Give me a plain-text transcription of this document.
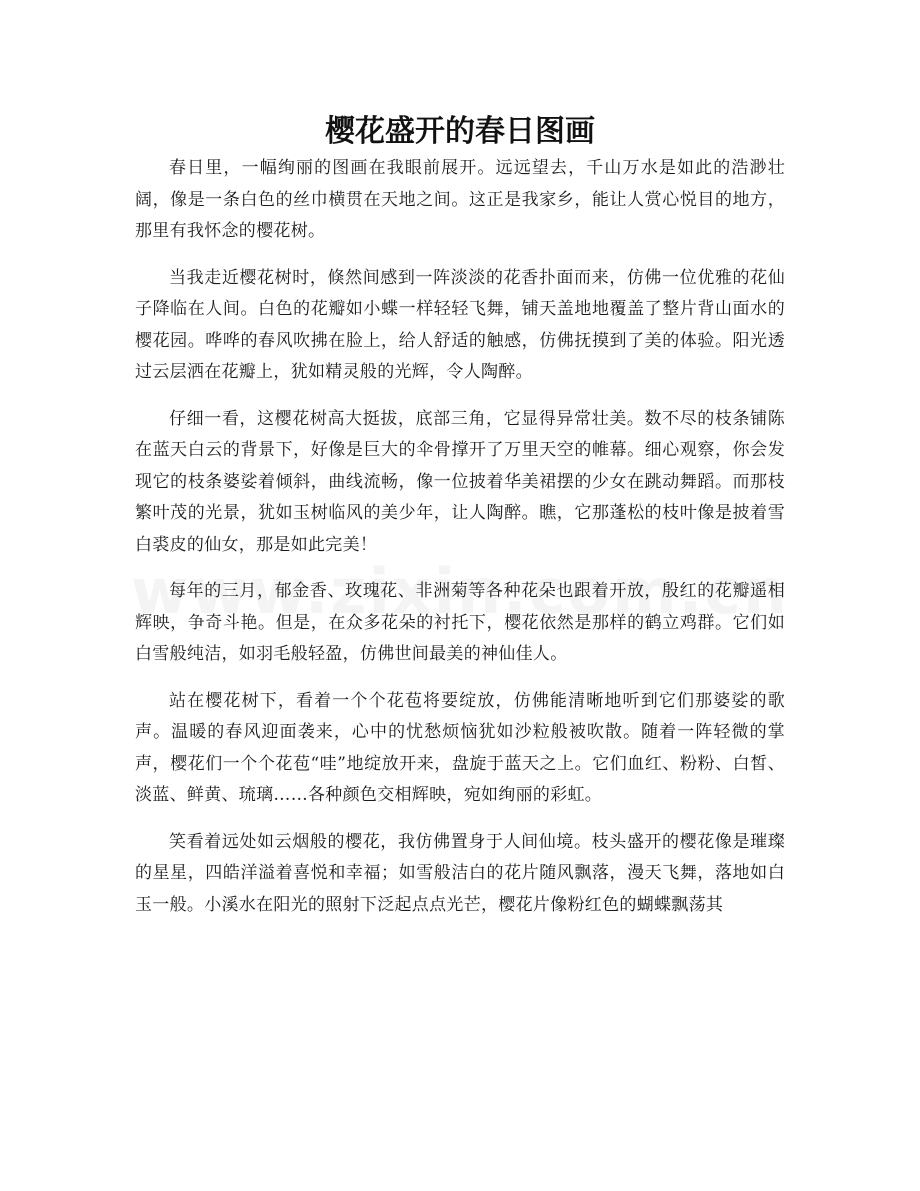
樱花盛开的春日图画

春日里，一幅绚丽的图画在我眼前展开。远远望去，千山万水是如此的浩渺壮阔，像是一条白色的丝巾横贯在天地之间。这正是我家乡，能让人赏心悦目的地方，那里有我怀念的樱花树。

当我走近樱花树时，倏然间感到一阵淡淡的花香扑面而来，仿佛一位优雅的花仙子降临在人间。白色的花瓣如小蝶一样轻轻飞舞，铺天盖地地覆盖了整片背山面水的樱花园。哗哗的春风吹拂在脸上，给人舒适的触感，仿佛抚摸到了美的体验。阳光透过云层洒在花瓣上，犹如精灵般的光辉，令人陶醉。

仔细一看，这樱花树高大挺拔，底部三角，它显得异常壮美。数不尽的枝条铺陈在蓝天白云的背景下，好像是巨大的伞骨撑开了万里天空的帷幕。细心观察，你会发现它的枝条婆娑着倾斜，曲线流畅，像一位披着华美裙摆的少女在跳动舞蹈。而那枝繁叶茂的光景，犹如玉树临风的美少年，让人陶醉。瞧，它那蓬松的枝叶像是披着雪白裘皮的仙女，那是如此完美！

每年的三月，郁金香、玫瑰花、非洲菊等各种花朵也跟着开放，殷红的花瓣遥相辉映，争奇斗艳。但是，在众多花朵的衬托下，樱花依然是那样的鹤立鸡群。它们如白雪般纯洁，如羽毛般轻盈，仿佛世间最美的神仙佳人。

站在樱花树下，看着一个个花苞将要绽放，仿佛能清晰地听到它们那婆娑的歌声。温暖的春风迎面袭来，心中的忧愁烦恼犹如沙粒般被吹散。随着一阵轻微的掌声，樱花们一个个花苞“哇”地绽放开来，盘旋于蓝天之上。它们血红、粉粉、白皙、淡蓝、鲜黄、琉璃……各种颜色交相辉映，宛如绚丽的彩虹。

笑看着远处如云烟般的樱花，我仿佛置身于人间仙境。枝头盛开的樱花像是璀璨的星星，四皓洋溢着喜悦和幸福；如雪般洁白的花片随风飘落，漫天飞舞，落地如白玉一般。小溪水在阳光的照射下泛起点点光芒，樱花片像粉红色的蝴蝶飘荡其
